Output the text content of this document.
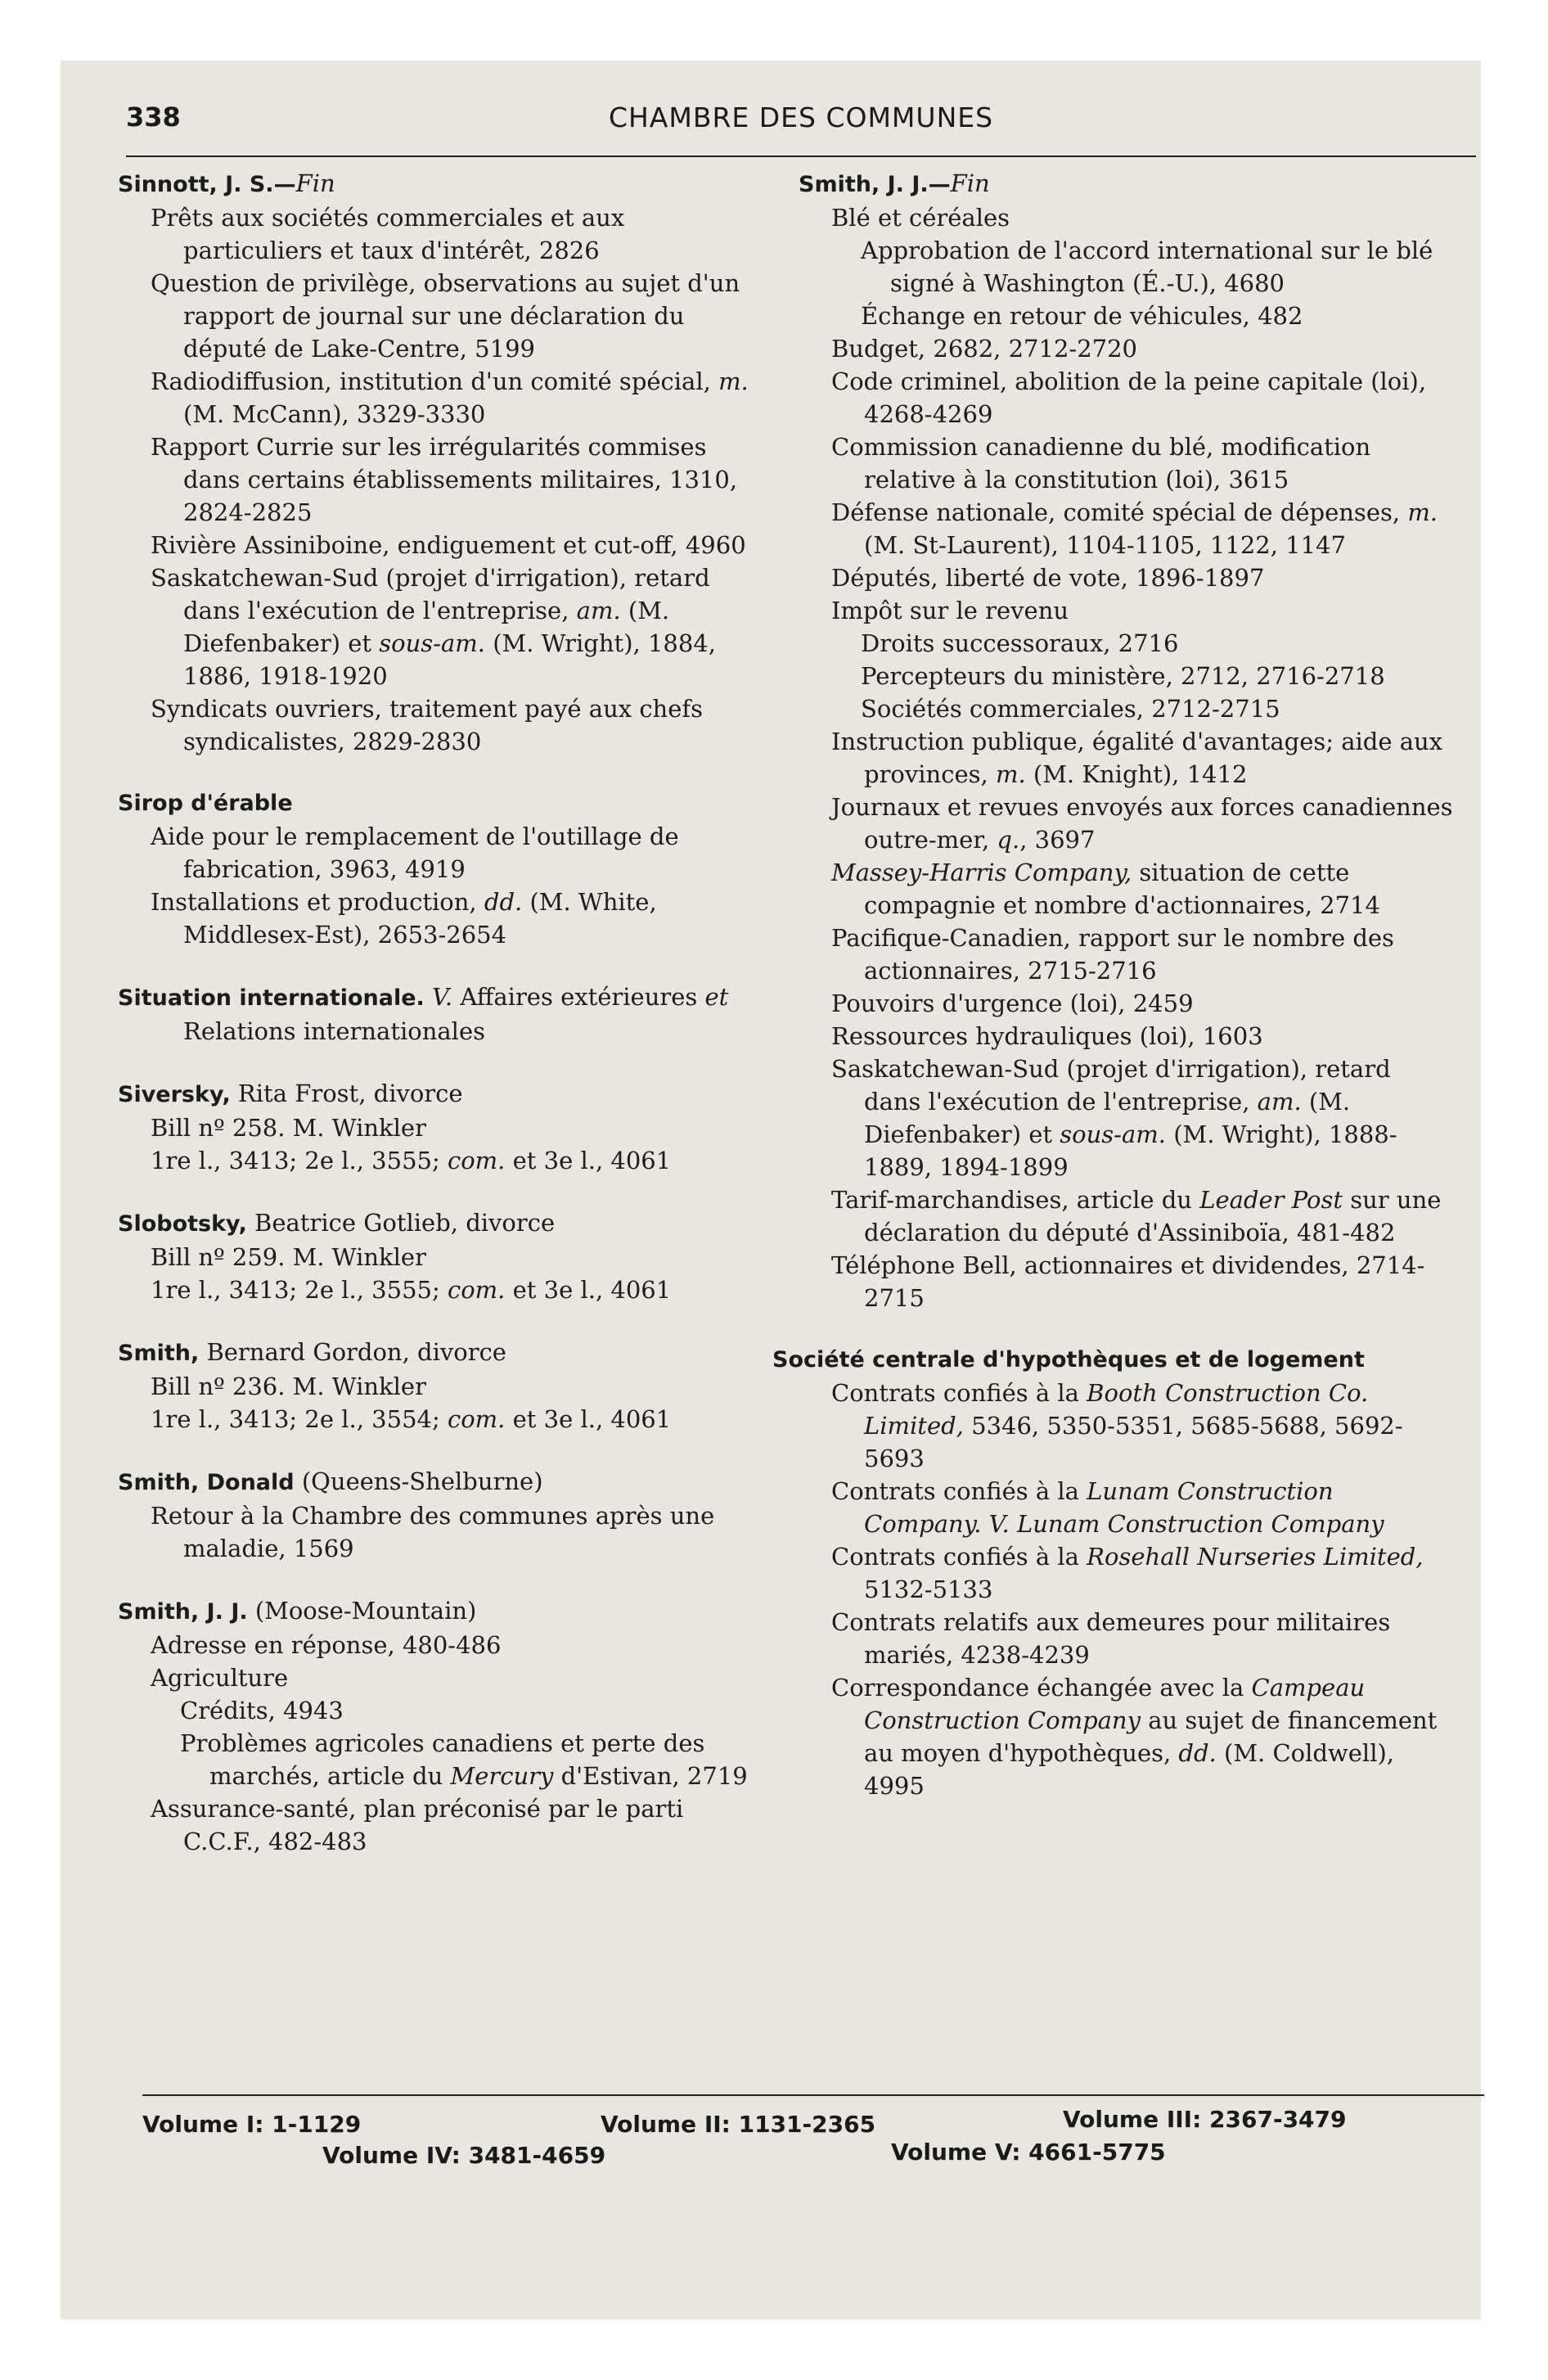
338	CHAMBRE DES COMMUNES
Sinnott, J. S.—Fin
Prêts aux sociétés commerciales et aux particuliers et taux d'intérêt, 2826
Question de privilège, observations au sujet d'un rapport de journal sur une déclaration du député de Lake-Centre, 5199
Radiodiffusion, institution d'un comité spécial, m. (M. McCann), 3329-3330
Rapport Currie sur les irrégularités commises dans certains établissements militaires, 1310, 2824-2825
Rivière Assiniboine, endiguement et cut-off, 4960
Saskatchewan-Sud (projet d'irrigation), retard dans l'exécution de l'entreprise, am. (M. Diefenbaker) et sous-am. (M. Wright), 1884, 1886, 1918-1920
Syndicats ouvriers, traitement payé aux chefs syndicalistes, 2829-2830
Sirop d'érable
Aide pour le remplacement de l'outillage de fabrication, 3963, 4919
Installations et production, dd. (M. White, Middlesex-Est), 2653-2654
Situation internationale. V. Affaires extérieures et Relations internationales
Siversky, Rita Frost, divorce
Bill nº 258. M. Winkler
1re l., 3413; 2e l., 3555; com. et 3e l., 4061
Slobotsky, Beatrice Gotlieb, divorce
Bill nº 259. M. Winkler
1re l., 3413; 2e l., 3555; com. et 3e l., 4061
Smith, Bernard Gordon, divorce
Bill nº 236. M. Winkler
1re l., 3413; 2e l., 3554; com. et 3e l., 4061
Smith, Donald (Queens-Shelburne)
Retour à la Chambre des communes après une maladie, 1569
Smith, J. J. (Moose-Mountain)
Adresse en réponse, 480-486
Agriculture
Crédits, 4943
Problèmes agricoles canadiens et perte des marchés, article du Mercury d'Estivan, 2719
Assurance-santé, plan préconisé par le parti C.C.F., 482-483
Smith, J. J.—Fin
Blé et céréales
Approbation de l'accord international sur le blé signé à Washington (É.-U.), 4680
Échange en retour de véhicules, 482
Budget, 2682, 2712-2720
Code criminel, abolition de la peine capitale (loi), 4268-4269
Commission canadienne du blé, modification relative à la constitution (loi), 3615
Défense nationale, comité spécial de dépenses, m. (M. St-Laurent), 1104-1105, 1122, 1147
Députés, liberté de vote, 1896-1897
Impôt sur le revenu
Droits successoraux, 2716
Percepteurs du ministère, 2712, 2716-2718
Sociétés commerciales, 2712-2715
Instruction publique, égalité d'avantages; aide aux provinces, m. (M. Knight), 1412
Journaux et revues envoyés aux forces canadiennes outre-mer, q., 3697
Massey-Harris Company, situation de cette compagnie et nombre d'actionnaires, 2714
Pacifique-Canadien, rapport sur le nombre des actionnaires, 2715-2716
Pouvoirs d'urgence (loi), 2459
Ressources hydrauliques (loi), 1603
Saskatchewan-Sud (projet d'irrigation), retard dans l'exécution de l'entreprise, am. (M. Diefenbaker) et sous-am. (M. Wright), 1888-1889, 1894-1899
Tarif-marchandises, article du Leader Post sur une déclaration du député d'Assiniboïa, 481-482
Téléphone Bell, actionnaires et dividendes, 2714-2715
Société centrale d'hypothèques et de logement
Contrats confiés à la Booth Construction Co. Limited, 5346, 5350-5351, 5685-5688, 5692-5693
Contrats confiés à la Lunam Construction Company. V. Lunam Construction Company
Contrats confiés à la Rosehall Nurseries Limited, 5132-5133
Contrats relatifs aux demeures pour militaires mariés, 4238-4239
Correspondance échangée avec la Campeau Construction Company au sujet de financement au moyen d'hypothèques, dd. (M. Coldwell), 4995
Volume I: 1-1129	Volume II: 1131-2365	Volume III: 2367-3479
Volume IV: 3481-4659	Volume V: 4661-5775
